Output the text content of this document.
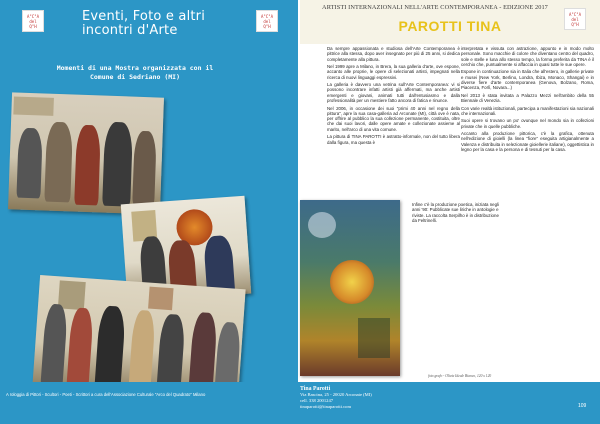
A"C"A
del
Q"H
Eventi, Foto e altri incontri d'Arte
A"C"A
del
Q"H
Momenti di una Mostra organizzata con il Comune di Sedriano (MI)
ARTISTI INTERNAZIONALI NELL'ARTE CONTEMPORANEA - EDIZIONE 2017
PAROTTI TINA
A"C"A
del
Q"H

Da sempre appassionata e studiosa dell'Arte Contemporanea è pittrice alla stessa, dopo aver insegnato per più di 25 anni, si dedica completamente alla pittura.

Nel 1999 apre a Milano, in Brera, la sua galleria d'arte, ove espone, accanto alle proprie, le opere di selezionati artisti, impegnati nella ricerca di nuovi linguaggi espressivi.

La galleria è davvero una vetrina sull'Arte Contemporanea: vi si possono incontrare infatti artisti già affermati, ma anche artisti emergenti e giovani, animati tutti dall'entusiasmo e dalla professionalità per un mestiere fatto ancora di fatica e rinunce.

Nel 2006, in occasione dei suoi "primi 40 anni nel regno della pittura", apre la sua casa-galleria ad Arconate (MI), città ove è nata, per offrire al pubblico la sua collezione permanente, costituita, oltre che dai suoi lavori, dalle opere amate e collezionate assieme al marito, nell'arco di una vita comune.

La pittura di TINA PAROTTI è astratto-informale, non del tutto libera dalla figura, ma questa è

interpretata e vissuta con astrazione, appunto e in modo molto personale. Sono macchie di colore che diventano centro del quadro, sole e stelle e luna allo stesso tempo, la forma preferita da TINA è il cerchio che, puntualmente si affaccia in quasi tutte le sue opere.

Espone in continuazione sia in Italia che all'estero, in gallerie private e musei (New York, Berlino, Londra, Ibiza, Monaco, Shangai) e in diverse fiere d'arte contemporanea (Genova, Bolzano, Roma, Piacenza, Forlì, Novara...)

Nel 2013 è stata invitata a Palazzo Mezzi nell'ambito della 55 Biennale di Venezia.

Con varie realtà istituzionali, partecipa a manifestazioni sia nazionali che internazionali.

Suoi opere si trovano un po' ovunque nel mondo sia in collezioni private che in quelle pubbliche.

Accanto alla produzione pittorica, c'è la grafica, ottenuta nell'edizione di gioielli (la linea "fiore" eseguita artigianalmente a Valenza e distribuita in selezionate gioiellerie italiane), oggettistica in legno per la casa e la persona e di tessuti per la casa.

Infine c'è la produzione poetica, iniziata negli anni '90: Pubblicate sue liriche in antologie e riviste. La raccolta Serpilho è in distribuzione da Feltrinelli.
foto grafo - Olivia Ideale Bianco, 120 x 120
A rologgia di Pittori - Scultori - Poeti - Scrittori a cura dell'Associazione Culturale "Arco del Quadrato" Milano
Tina Parotti
Via Bascina, 25 - 20020 Arconate (MI)
cell. 338 2001247
tinaparotti@tinaparotti.com	109
